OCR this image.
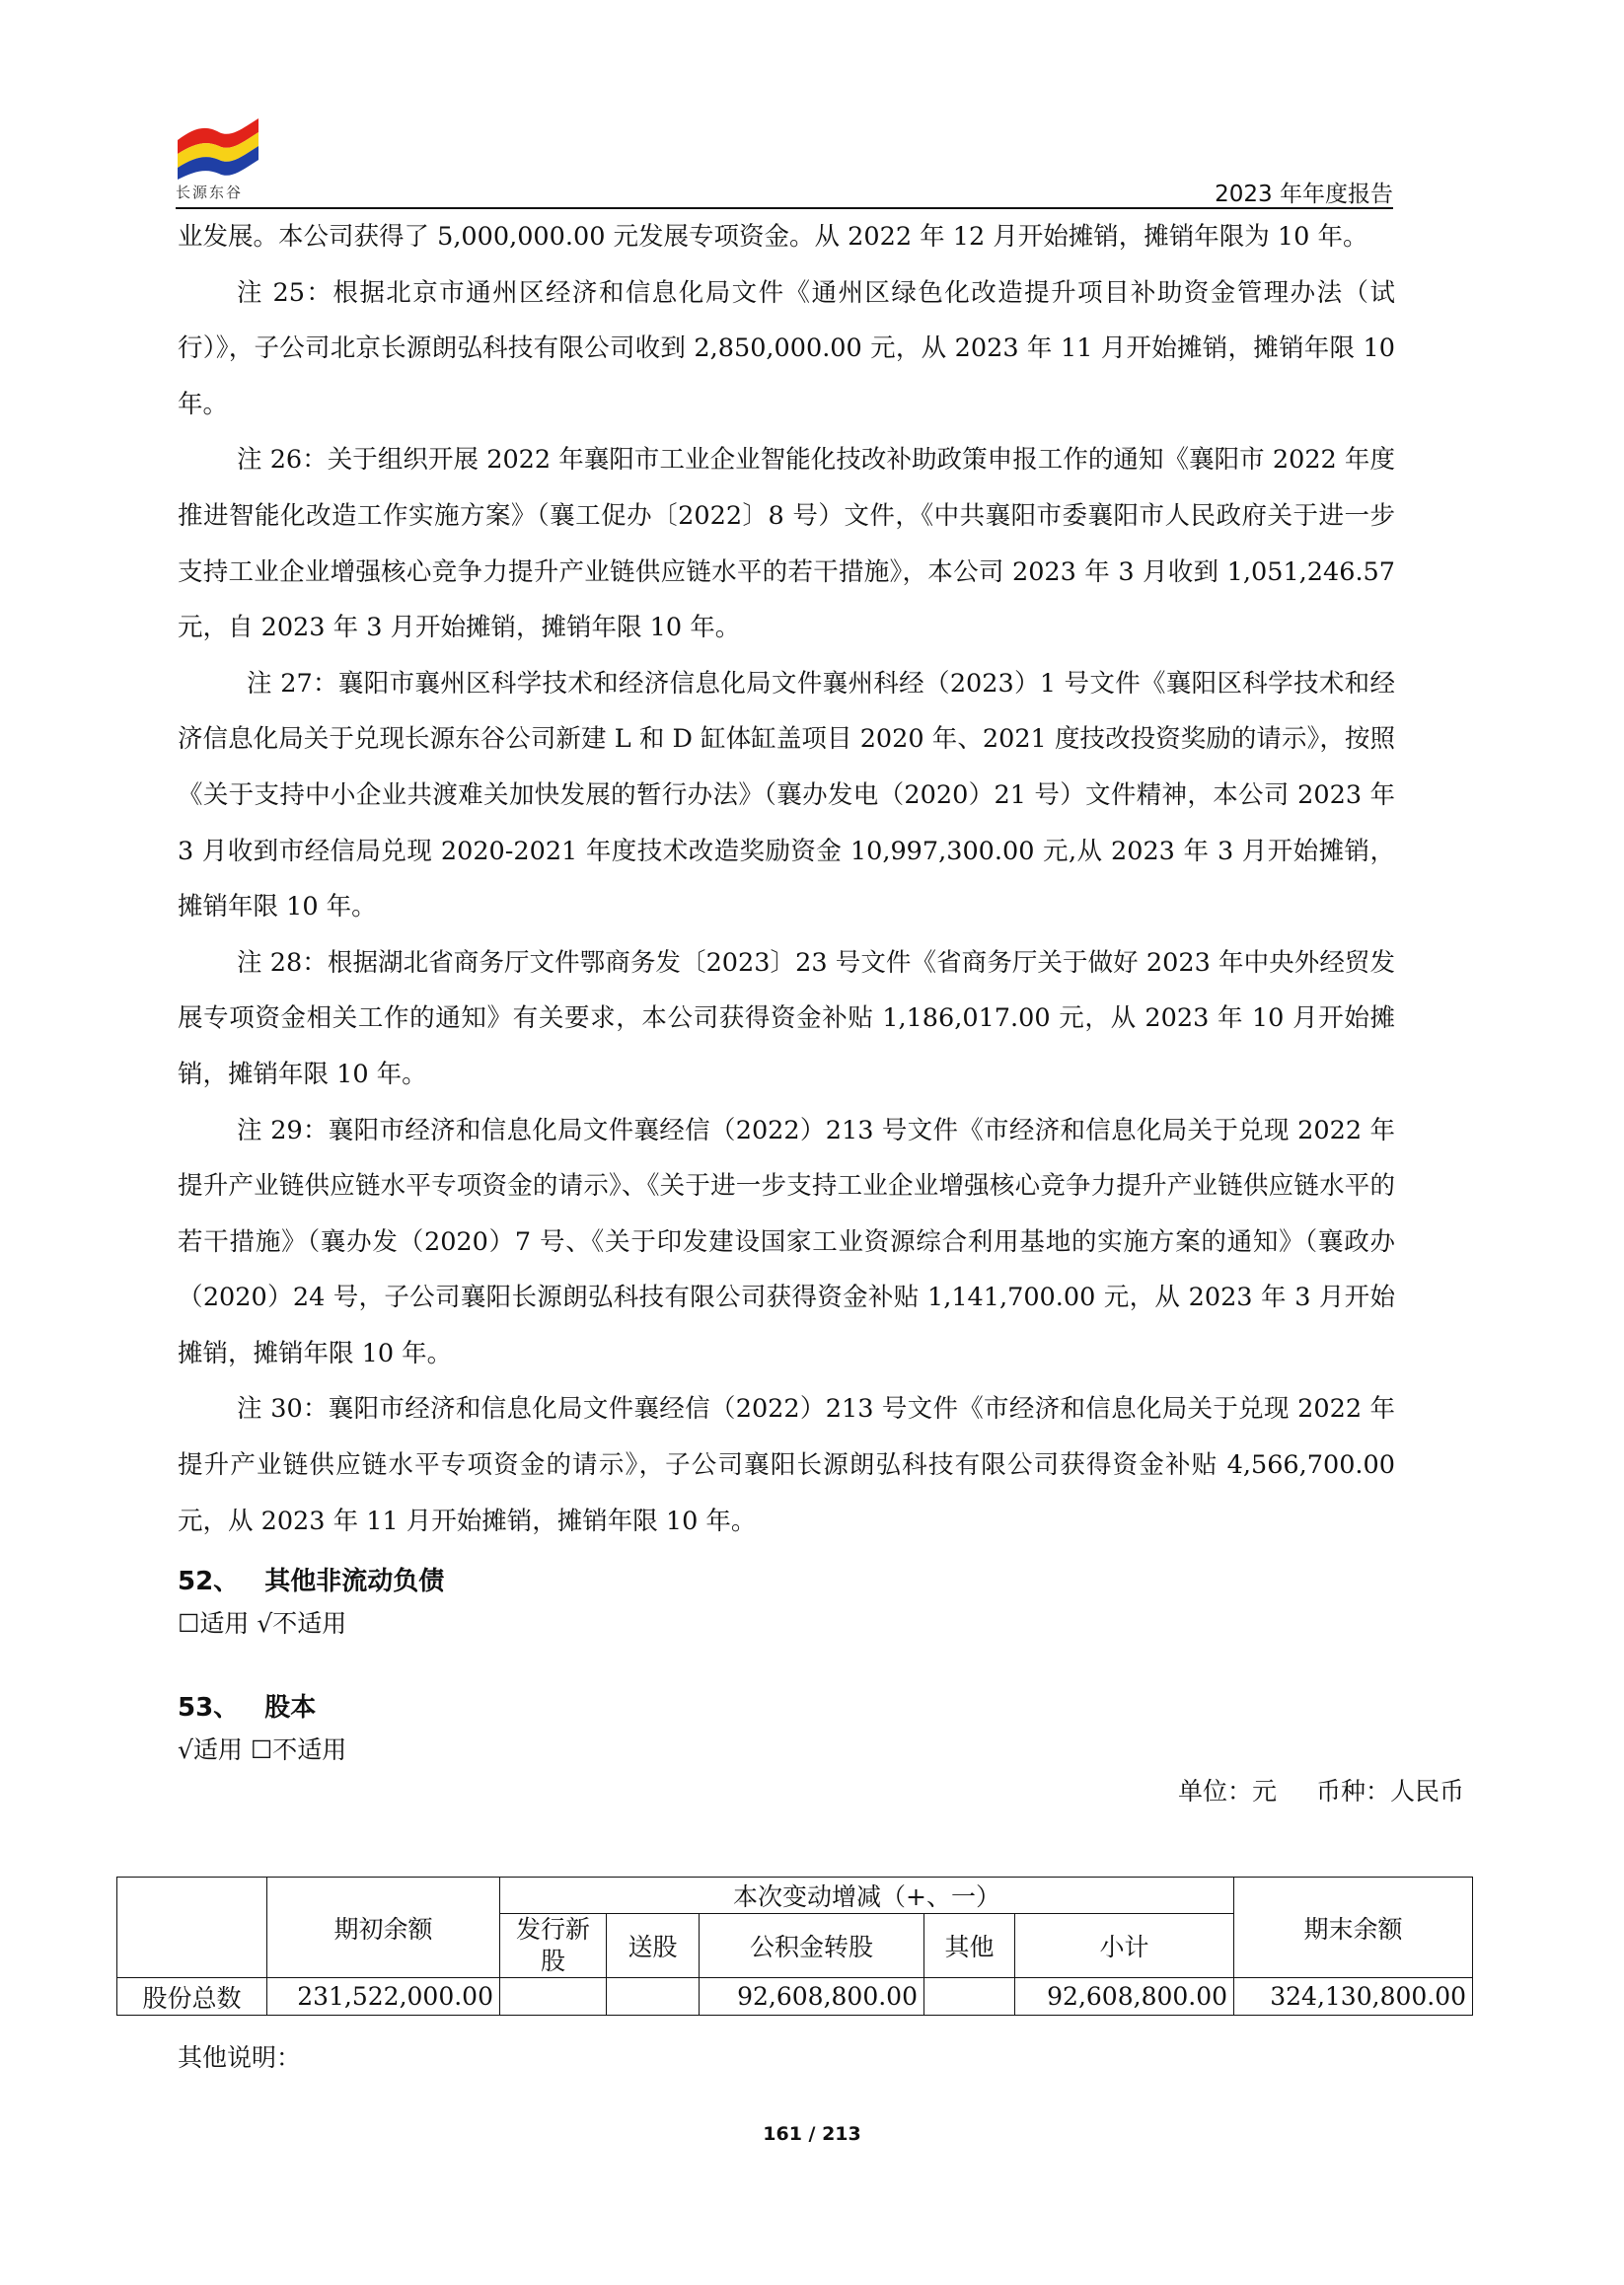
长源东谷	2023 年年度报告

业发展。本公司获得了 5,000,000.00 元发展专项资金。从 2022 年 12 月开始摊销，摊销年限为 10 年。

注 25：根据北京市通州区经济和信息化局文件《通州区绿色化改造提升项目补助资金管理办法（试行）》，子公司北京长源朗弘科技有限公司收到 2,850,000.00 元，从 2023 年 11 月开始摊销，摊销年限 10 年。

注 26：关于组织开展 2022 年襄阳市工业企业智能化技改补助政策申报工作的通知《襄阳市 2022 年度推进智能化改造工作实施方案》（襄工促办〔2022〕8 号）文件，《中共襄阳市委襄阳市人民政府关于进一步支持工业企业增强核心竞争力提升产业链供应链水平的若干措施》，本公司 2023 年 3 月收到 1,051,246.57 元，自 2023 年 3 月开始摊销，摊销年限 10 年。

注 27：襄阳市襄州区科学技术和经济信息化局文件襄州科经（2023）1 号文件《襄阳区科学技术和经济信息化局关于兑现长源东谷公司新建 L 和 D 缸体缸盖项目 2020 年、2021 度技改投资奖励的请示》，按照《关于支持中小企业共渡难关加快发展的暂行办法》（襄办发电（2020）21 号）文件精神，本公司 2023 年 3 月收到市经信局兑现 2020-2021 年度技术改造奖励资金 10,997,300.00 元,从 2023 年 3 月开始摊销，摊销年限 10 年。

注 28：根据湖北省商务厅文件鄂商务发〔2023〕23 号文件《省商务厅关于做好 2023 年中央外经贸发展专项资金相关工作的通知》有关要求，本公司获得资金补贴 1,186,017.00 元，从 2023 年 10 月开始摊销，摊销年限 10 年。

注 29：襄阳市经济和信息化局文件襄经信（2022）213 号文件《市经济和信息化局关于兑现 2022 年提升产业链供应链水平专项资金的请示》、《关于进一步支持工业企业增强核心竞争力提升产业链供应链水平的若干措施》（襄办发（2020）7 号、《关于印发建设国家工业资源综合利用基地的实施方案的通知》（襄政办（2020）24 号，子公司襄阳长源朗弘科技有限公司获得资金补贴 1,141,700.00 元，从 2023 年 3 月开始摊销，摊销年限 10 年。

注 30：襄阳市经济和信息化局文件襄经信（2022）213 号文件《市经济和信息化局关于兑现 2022 年提升产业链供应链水平专项资金的请示》，子公司襄阳长源朗弘科技有限公司获得资金补贴 4,566,700.00 元，从 2023 年 11 月开始摊销，摊销年限 10 年。

52、 其他非流动负债

☐适用 √不适用

53、 股本

√适用 ☐不适用

单位：元 币种：人民币

	期初余额	本次变动增减（+、一）					期末余额
		发行新股	送股	公积金转股	其他	小计	
股份总数	231,522,000.00			92,608,800.00		92,608,800.00	324,130,800.00

其他说明：

161 / 213
